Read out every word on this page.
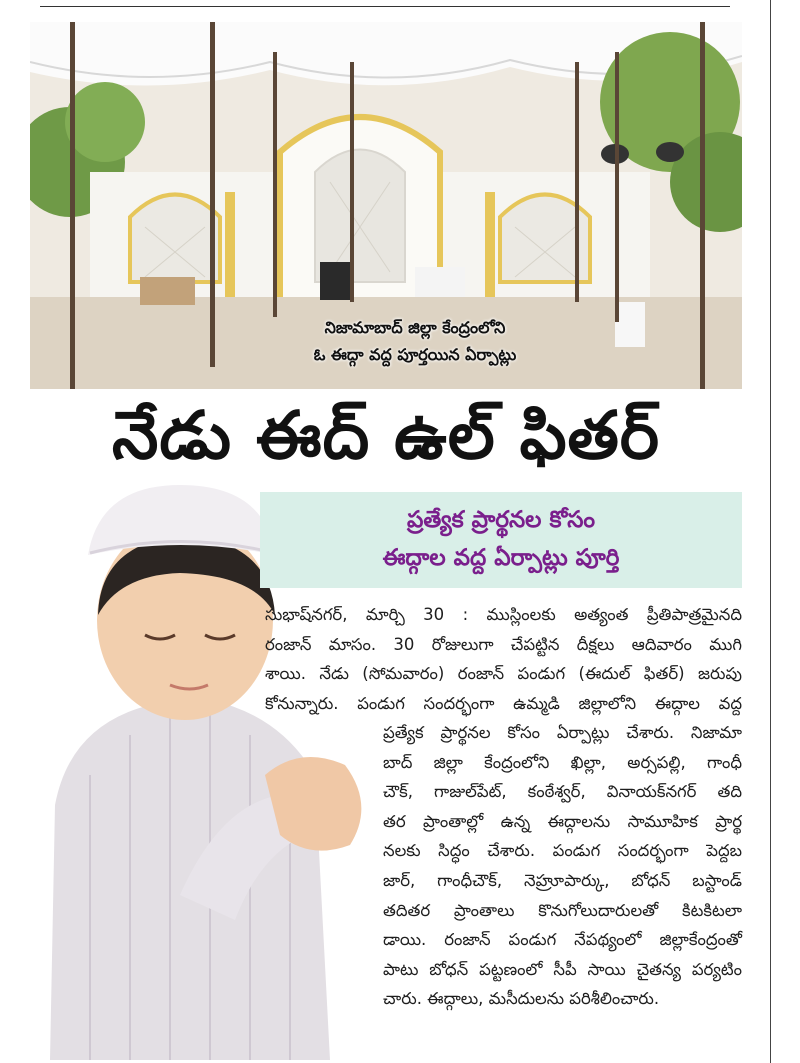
నిజామాబాద్ జిల్లా కేంద్రంలోని
ఓ ఈద్గా వద్ద పూర్తయిన ఏర్పాట్లు
నేడు ఈద్ ఉల్ ఫితర్
ప్రత్యేక ప్రార్థనల కోసం
ఈద్గాల వద్ద ఏర్పాట్లు పూర్తి
సుభాష్‌నగర్, మార్చి 30 : ముస్లింలకు అత్యంత ప్రీతిపాత్రమైనది
రంజాన్ మాసం. 30 రోజులుగా చేపట్టిన దీక్షలు ఆదివారం ముగి
శాయి. నేడు (సోమవారం) రంజాన్ పండుగ (ఈదుల్ ఫితర్) జరుపు
కోనున్నారు. పండుగ సందర్భంగా ఉమ్మడి జిల్లాలోని ఈద్గాల వద్ద
ప్రత్యేక ప్రార్థనల కోసం ఏర్పాట్లు చేశారు. నిజామా
బాద్ జిల్లా కేంద్రంలోని ఖిల్లా, అర్సపల్లి, గాంధీ
చౌక్, గాజుల్‌పేట్, కంఠేశ్వర్, వినాయక్‌నగర్ తది
తర ప్రాంతాల్లో ఉన్న ఈద్గాలను సామూహిక ప్రార్థ
నలకు సిద్ధం చేశారు. పండుగ సందర్భంగా పెద్దబ
జార్, గాంధీచౌక్, నెహ్రూపార్కు, బోధన్ బస్టాండ్
తదితర ప్రాంతాలు కొనుగోలుదారులతో కిటకిటలా
డాయి. రంజాన్ పండుగ నేపథ్యంలో జిల్లాకేంద్రంతో
పాటు బోధన్ పట్టణంలో సీపీ సాయి చైతన్య పర్యటిం
చారు. ఈద్గాలు, మసీదులను పరిశీలించారు.
